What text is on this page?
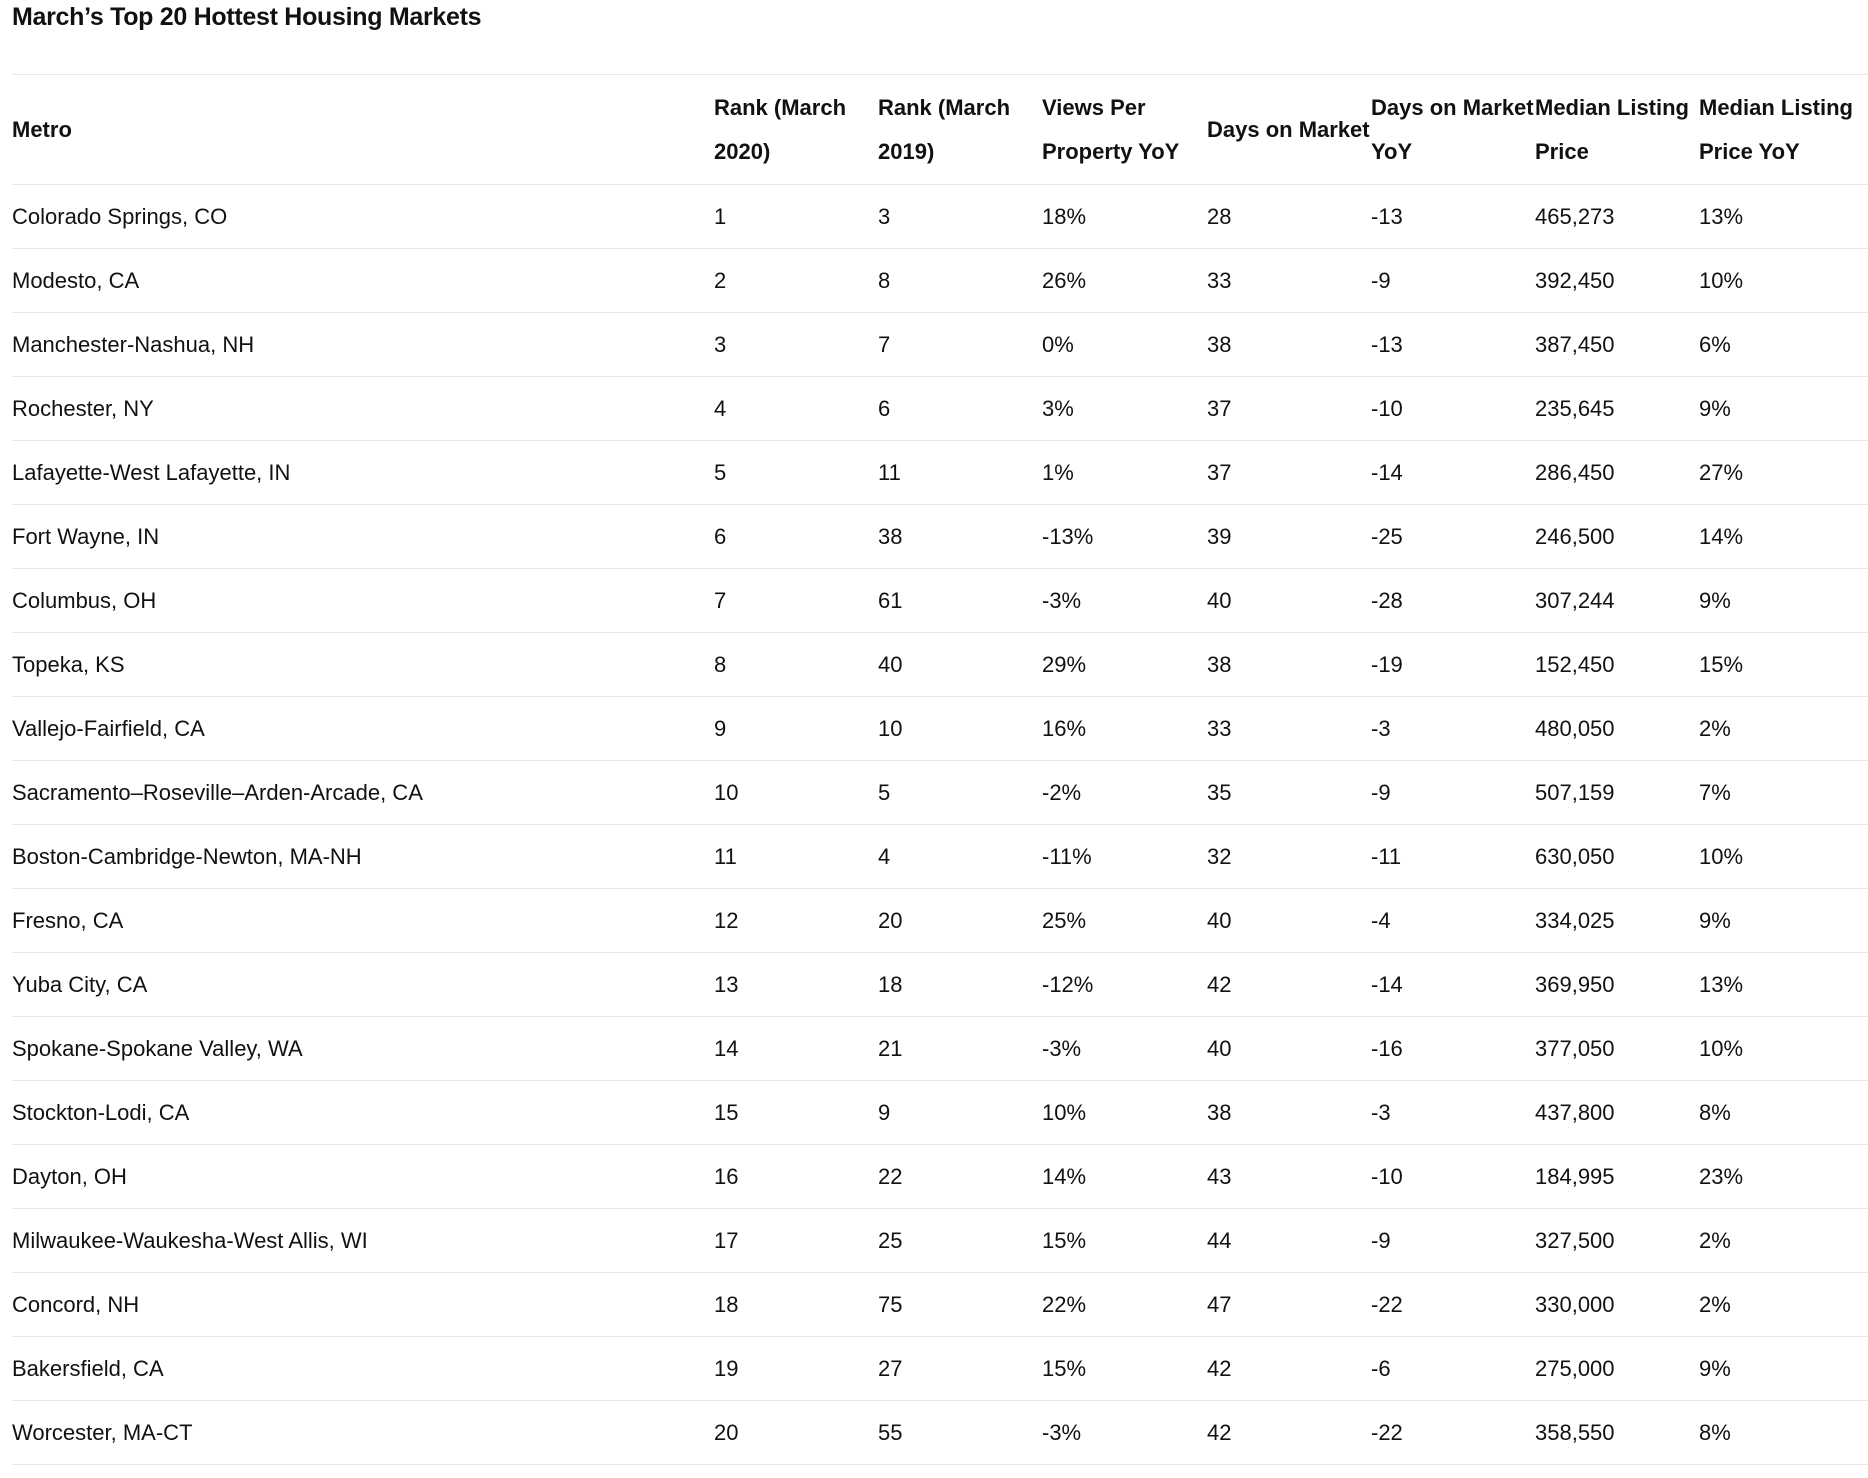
March’s Top 20 Hottest Housing Markets
Metro	Rank (March 2020)	Rank (March 2019)	Views Per Property YoY	Days on Market	Days on Market YoY	Median Listing Price	Median Listing Price YoY
Colorado Springs, CO	1	3	18%	28	-13	465,273	13%
Modesto, CA	2	8	26%	33	-9	392,450	10%
Manchester-Nashua, NH	3	7	0%	38	-13	387,450	6%
Rochester, NY	4	6	3%	37	-10	235,645	9%
Lafayette-West Lafayette, IN	5	11	1%	37	-14	286,450	27%
Fort Wayne, IN	6	38	-13%	39	-25	246,500	14%
Columbus, OH	7	61	-3%	40	-28	307,244	9%
Topeka, KS	8	40	29%	38	-19	152,450	15%
Vallejo-Fairfield, CA	9	10	16%	33	-3	480,050	2%
Sacramento–Roseville–Arden-Arcade, CA	10	5	-2%	35	-9	507,159	7%
Boston-Cambridge-Newton, MA-NH	11	4	-11%	32	-11	630,050	10%
Fresno, CA	12	20	25%	40	-4	334,025	9%
Yuba City, CA	13	18	-12%	42	-14	369,950	13%
Spokane-Spokane Valley, WA	14	21	-3%	40	-16	377,050	10%
Stockton-Lodi, CA	15	9	10%	38	-3	437,800	8%
Dayton, OH	16	22	14%	43	-10	184,995	23%
Milwaukee-Waukesha-West Allis, WI	17	25	15%	44	-9	327,500	2%
Concord, NH	18	75	22%	47	-22	330,000	2%
Bakersfield, CA	19	27	15%	42	-6	275,000	9%
Worcester, MA-CT	20	55	-3%	42	-22	358,550	8%
